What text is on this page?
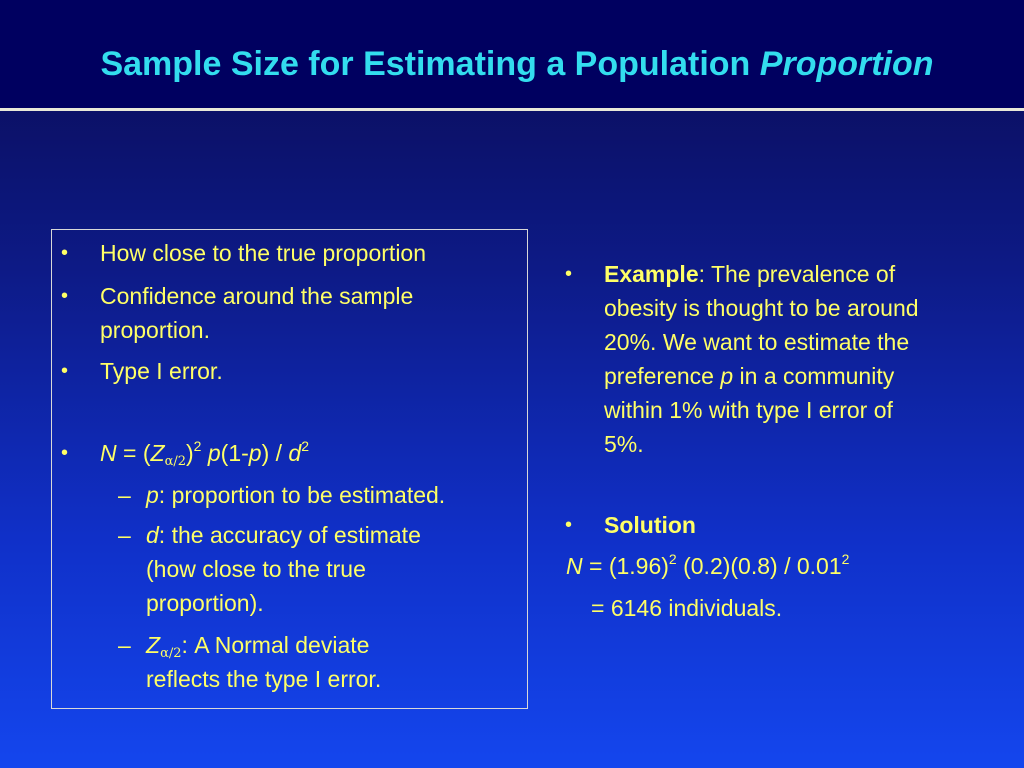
Sample Size for Estimating a Population Proportion
• How close to the true proportion
• Confidence around the sample
proportion.
• Type I error.
• $N = (Z_{\alpha/2})^2$ $p(1-p) / d^2$
– p: proportion to be estimated.
– d: the accuracy of estimate
(how close to the true
proportion).
– $Z_{\alpha/2}$: A Normal deviate
reflects the type I error.
• Example: The prevalence of
obesity is thought to be around
20%. We want to estimate the
preference p in a community
within 1% with type I error of
5%.
• Solution
$N = (1.96)^2$ $(0.2)(0.8) / 0.01^2$
= 6146 individuals.
